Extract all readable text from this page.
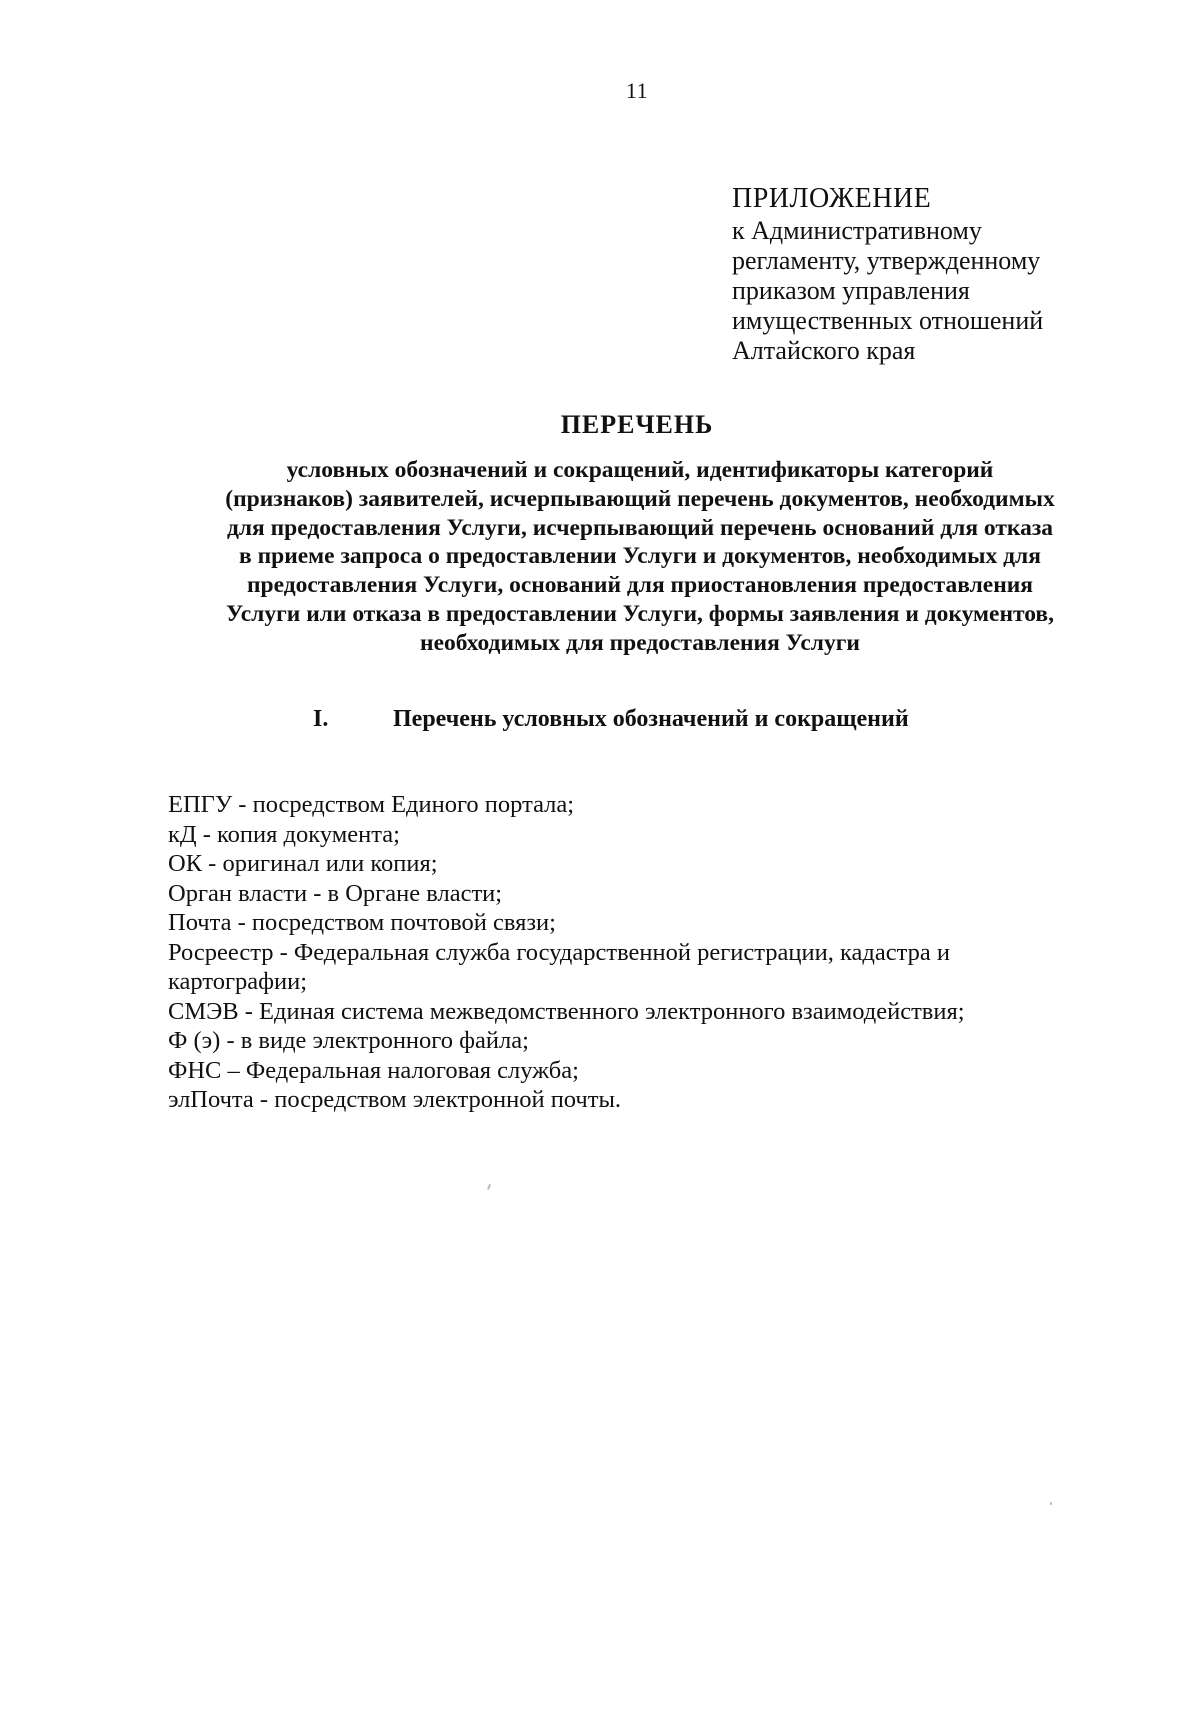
11
ПРИЛОЖЕНИЕ
к Административному
регламенту, утвержденному
приказом управления
имущественных отношений
Алтайского края
ПЕРЕЧЕНЬ
условных обозначений и сокращений, идентификаторы категорий
(признаков) заявителей, исчерпывающий перечень документов, необходимых
для предоставления Услуги, исчерпывающий перечень оснований для отказа
в приеме запроса о предоставлении Услуги и документов, необходимых для
предоставления Услуги, оснований для приостановления предоставления
Услуги или отказа в предоставлении Услуги, формы заявления и документов,
необходимых для предоставления Услуги
I.	Перечень условных обозначений и сокращений
ЕПГУ - посредством Единого портала;
кД - копия документа;
ОК - оригинал или копия;
Орган власти - в Органе власти;
Почта - посредством почтовой связи;
Росреестр - Федеральная служба государственной регистрации, кадастра и
картографии;
СМЭВ - Единая система межведомственного электронного взаимодействия;
Ф (э) - в виде электронного файла;
ФНС – Федеральная налоговая служба;
элПочта - посредством электронной почты.
